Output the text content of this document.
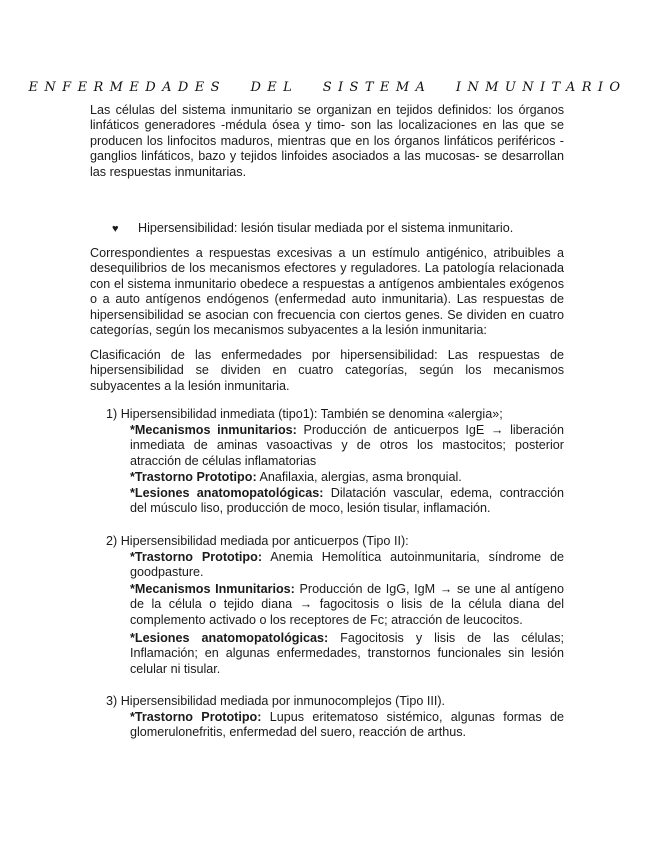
ENFERMEDADES DEL SISTEMA INMUNITARIO

Las células del sistema inmunitario se organizan en tejidos definidos: los órganos linfáticos generadores -médula ósea y timo- son las localizaciones en las que se producen los linfocitos maduros, mientras que en los órganos linfáticos periféricos - ganglios linfáticos, bazo y tejidos linfoides asociados a las mucosas- se desarrollan las respuestas inmunitarias.

♥ Hipersensibilidad: lesión tisular mediada por el sistema inmunitario.

Correspondientes a respuestas excesivas a un estímulo antigénico, atribuibles a desequilibrios de los mecanismos efectores y reguladores. La patología relacionada con el sistema inmunitario obedece a respuestas a antígenos ambientales exógenos o a auto antígenos endógenos (enfermedad auto inmunitaria). Las respuestas de hipersensibilidad se asocian con frecuencia con ciertos genes. Se dividen en cuatro categorías, según los mecanismos subyacentes a la lesión inmunitaria:

Clasificación de las enfermedades por hipersensibilidad: Las respuestas de hipersensibilidad se dividen en cuatro categorías, según los mecanismos subyacentes a la lesión inmunitaria.

1) Hipersensibilidad inmediata (tipo1): También se denomina «alergia»;

*Mecanismos inmunitarios: Producción de anticuerpos IgE → liberación inmediata de aminas vasoactivas y de otros los mastocitos; posterior atracción de células inflamatorias

*Trastorno Prototipo: Anafilaxia, alergias, asma bronquial.

*Lesiones anatomopatológicas: Dilatación vascular, edema, contracción del músculo liso, producción de moco, lesión tisular, inflamación.

2) Hipersensibilidad mediada por anticuerpos (Tipo II):

*Trastorno Prototipo: Anemia Hemolítica autoinmunitaria, síndrome de goodpasture.

*Mecanismos Inmunitarios: Producción de IgG, IgM → se une al antígeno de la célula o tejido diana → fagocitosis o lisis de la célula diana del complemento activado o los receptores de Fc; atracción de leucocitos.

*Lesiones anatomopatológicas: Fagocitosis y lisis de las células; Inflamación; en algunas enfermedades, transtornos funcionales sin lesión celular ni tisular.

3) Hipersensibilidad mediada por inmunocomplejos (Tipo III).

*Trastorno Prototipo: Lupus eritematoso sistémico, algunas formas de glomerulonefritis, enfermedad del suero, reacción de arthus.
